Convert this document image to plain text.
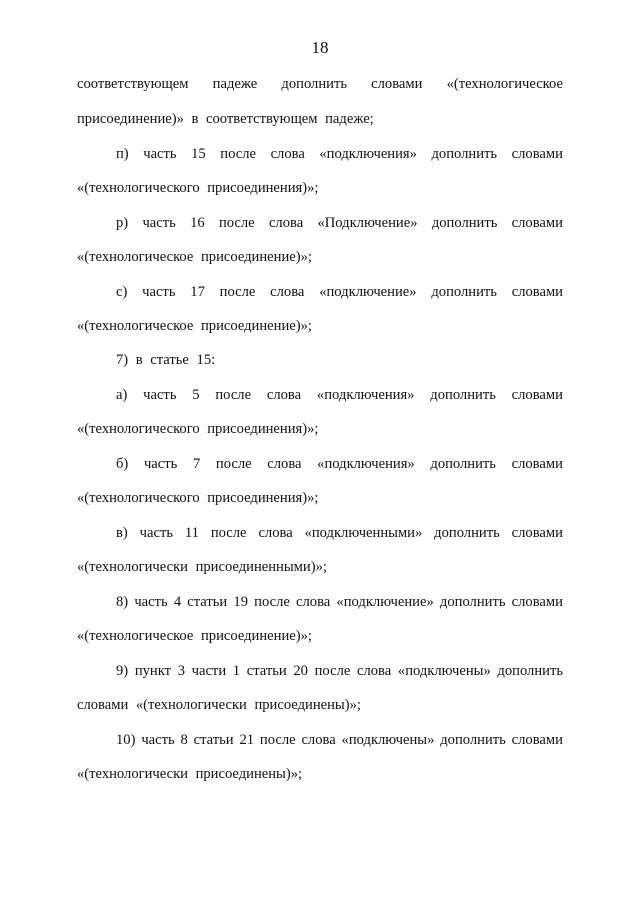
18
соответствующем падеже дополнить словами «(технологическое
присоединение)» в соответствующем падеже;
п) часть 15 после слова «подключения» дополнить словами
«(технологического присоединения)»;
р) часть 16 после слова «Подключение» дополнить словами
«(технологическое присоединение)»;
с) часть 17 после слова «подключение» дополнить словами
«(технологическое присоединение)»;
7) в статье 15:
а) часть 5 после слова «подключения» дополнить словами
«(технологического присоединения)»;
б) часть 7 после слова «подключения» дополнить словами
«(технологического присоединения)»;
в) часть 11 после слова «подключенными» дополнить словами
«(технологически присоединенными)»;
8) часть 4 статьи 19 после слова «подключение» дополнить словами
«(технологическое присоединение)»;
9) пункт 3 части 1 статьи 20 после слова «подключены» дополнить
словами «(технологически присоединены)»;
10) часть 8 статьи 21 после слова «подключены» дополнить словами
«(технологически присоединены)»;
